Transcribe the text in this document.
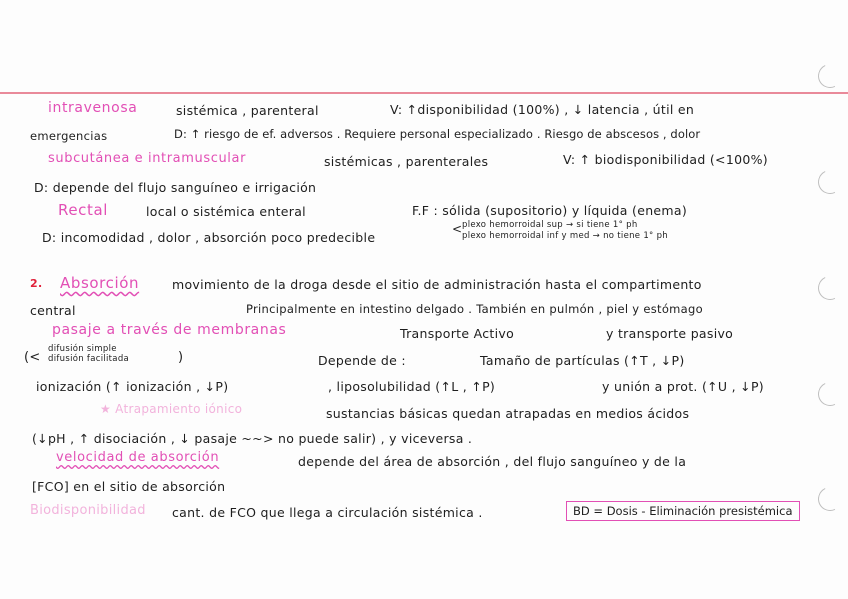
intravenosa	sistémica , parenteral	V: ↑disponibilidad (100%) , ↓ latencia , útil en
emergencias	D: ↑ riesgo de ef. adversos . Requiere personal especializado . Riesgo de abscesos , dolor
subcutánea e intramuscular	sistémicas , parenterales	V: ↑ biodisponibilidad (<100%)
D: depende del flujo sanguíneo e irrigación
Rectal	local o sistémica enteral	F.F : sólida (supositorio) y líquida (enema)
D: incomodidad , dolor , absorción poco predecible
< plexo hemorroidal sup → si tiene 1° ph
plexo hemorroidal inf y med → no tiene 1° ph
2. Absorción	movimiento de la droga desde el sitio de administración hasta el compartimento
central	Principalmente en intestino delgado . También en pulmón , piel y estómago
pasaje a través de membranas	Transporte Activo	y transporte pasivo
(<
difusión simple
difusión facilitada	)	Depende de :	Tamaño de partículas (↑T , ↓P)
ionización (↑ ionización , ↓P)	, liposolubilidad (↑L , ↑P)	y unión a prot. (↑U , ↓P)
★ Atrapamiento iónico	sustancias básicas quedan atrapadas en medios ácidos
(↓pH , ↑ disociación , ↓ pasaje ~~> no puede salir) , y viceversa .
velocidad de absorción	depende del área de absorción , del flujo sanguíneo y de la
[FCO] en el sitio de absorción
Biodisponibilidad cant. de FCO que llega a circulación sistémica .	BD = Dosis - Eliminación presistémica
